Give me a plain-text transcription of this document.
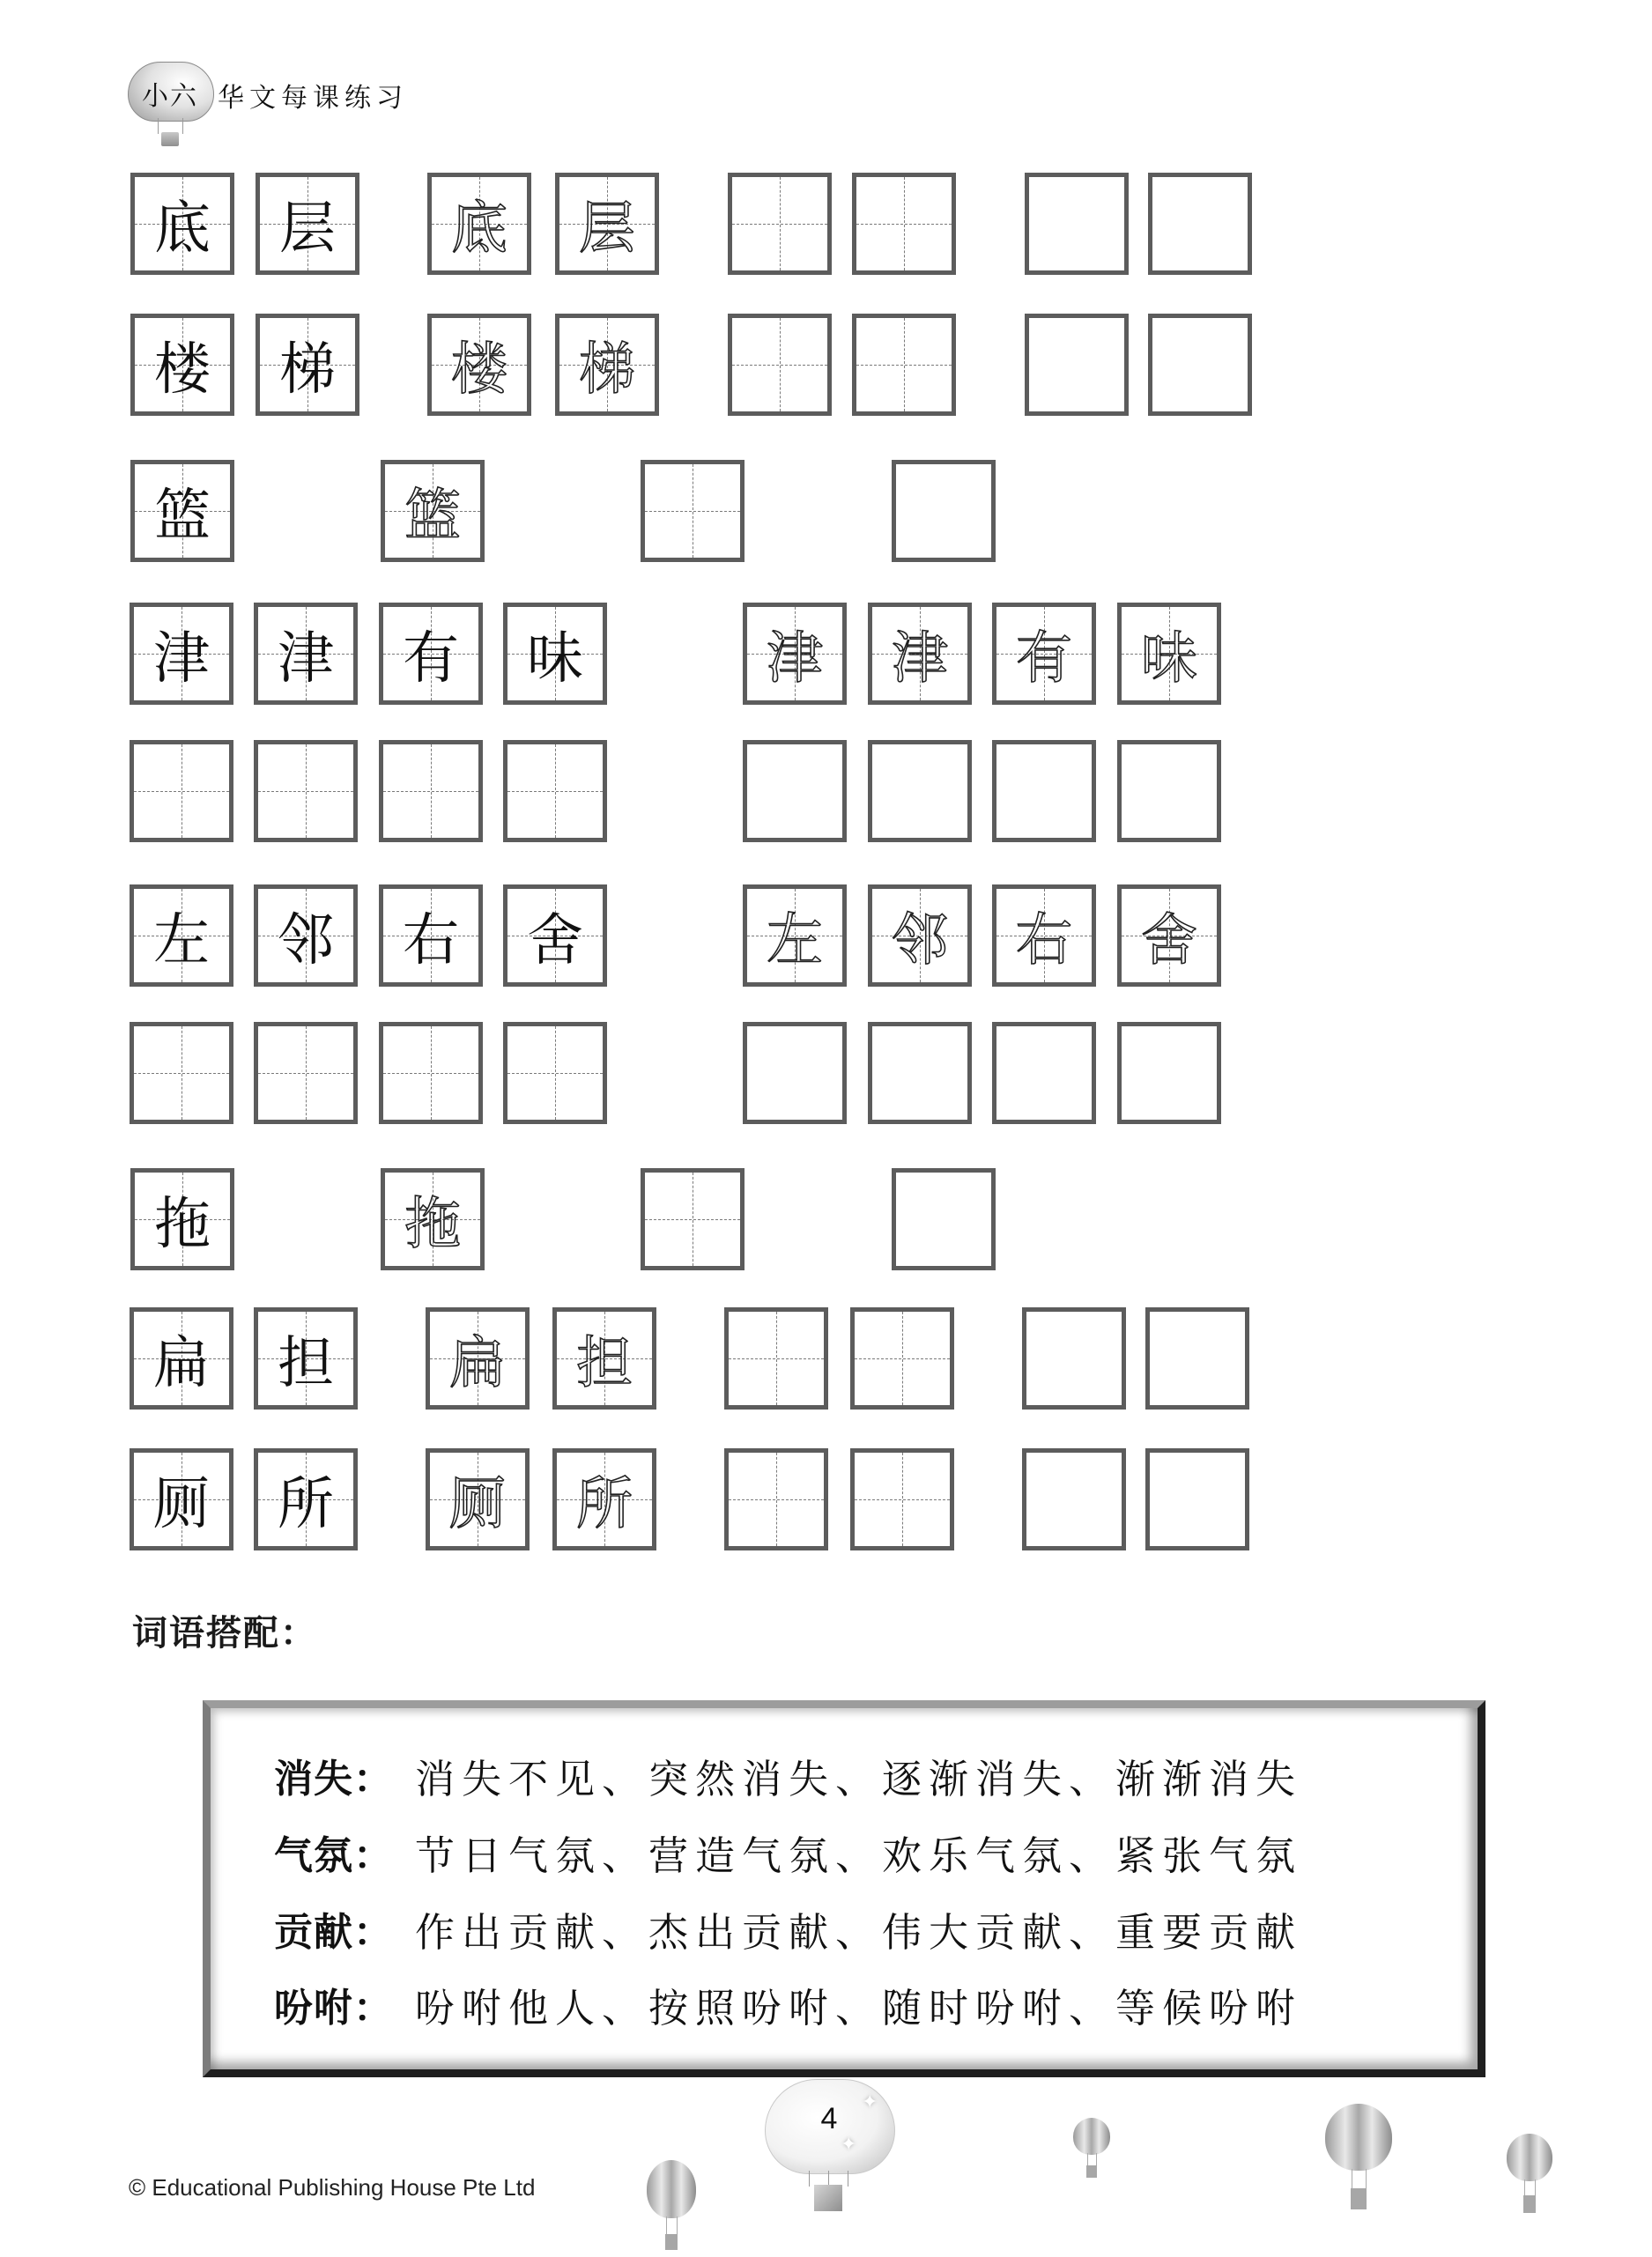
小六 华文每课练习
底	层	底	层
楼	梯	楼	梯
篮	篮
津	津	有	味	津	津	有	味
左	邻	右	舍	左	邻	右	舍
拖	拖
扁	担	扁	担
厕	所	厕	所
词语搭配：
消失： 消失不见、突然消失、逐渐消失、渐渐消失
气氛： 节日气氛、营造气氛、欢乐气氛、紧张气氛
贡献： 作出贡献、杰出贡献、伟大贡献、重要贡献
吩咐： 吩咐他人、按照吩咐、随时吩咐、等候吩咐
© Educational Publishing House Pte Ltd
✦
✦
4
